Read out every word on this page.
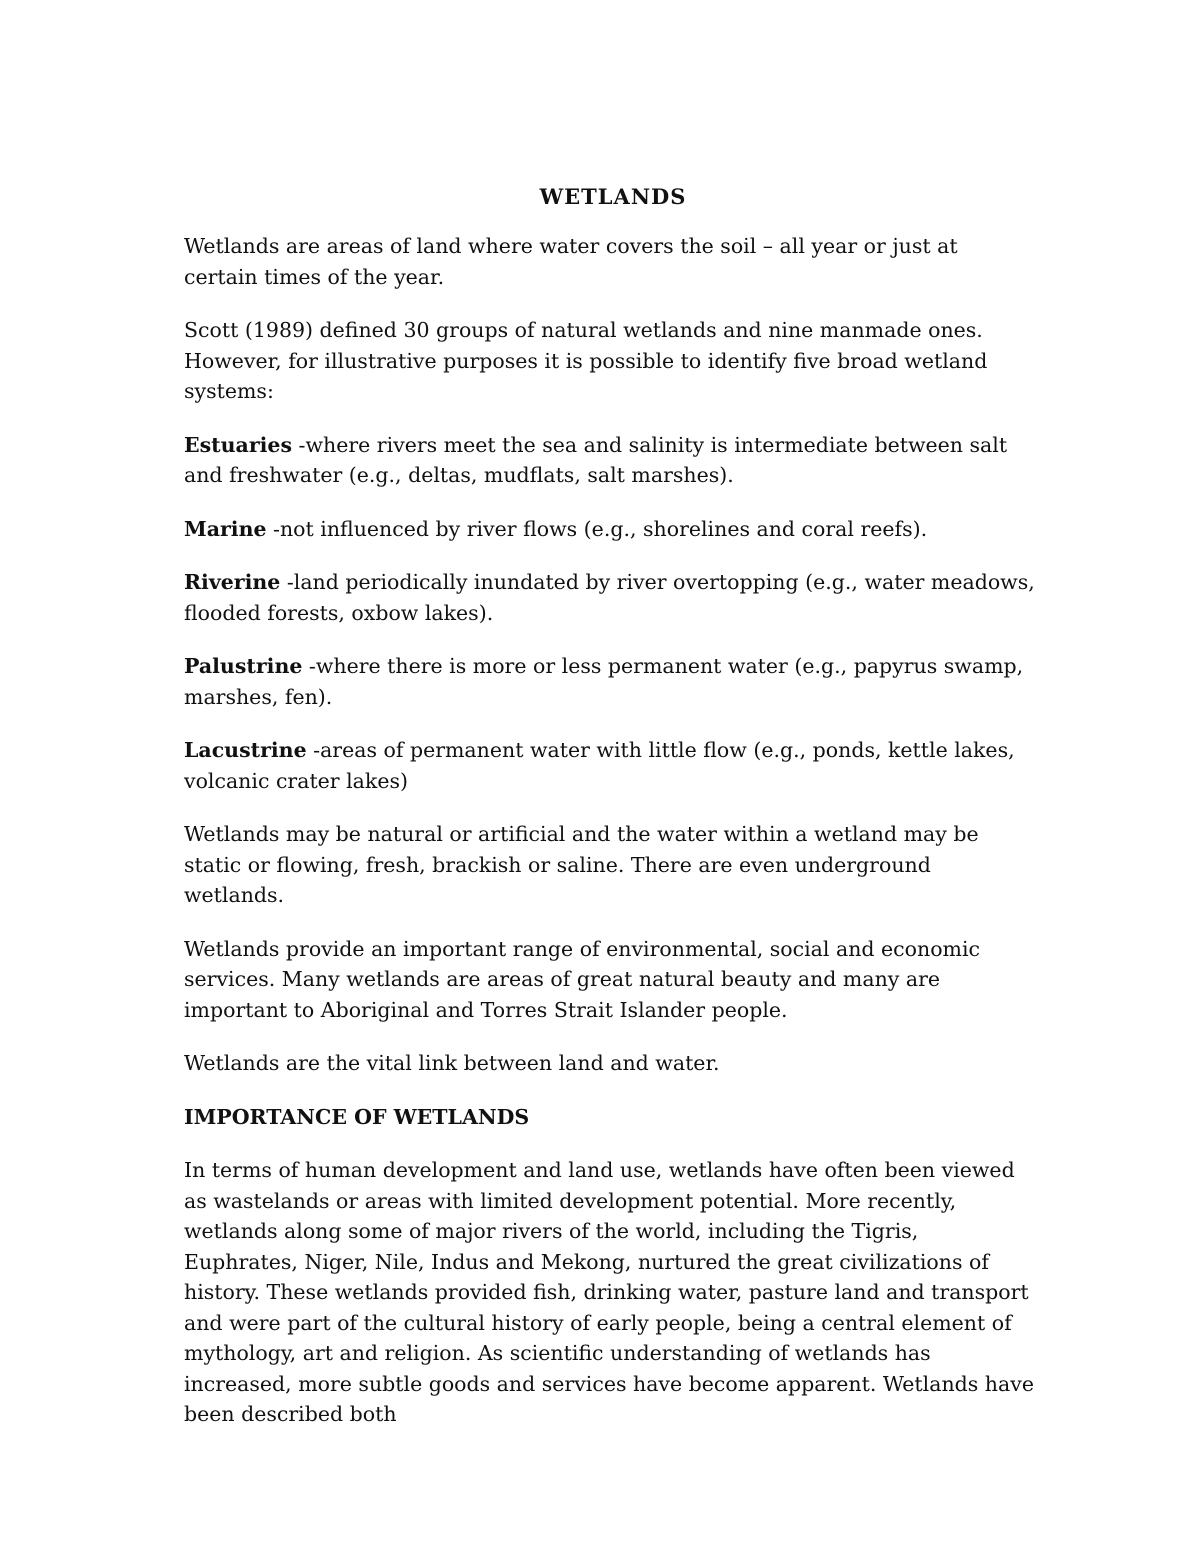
WETLANDS

Wetlands are areas of land where water covers the soil – all year or just at certain times of the year.

Scott (1989) defined 30 groups of natural wetlands and nine manmade ones. However, for illustrative purposes it is possible to identify five broad wetland systems:

Estuaries -where rivers meet the sea and salinity is intermediate between salt and freshwater (e.g., deltas, mudflats, salt marshes).

Marine -not influenced by river flows (e.g., shorelines and coral reefs).

Riverine -land periodically inundated by river overtopping (e.g., water meadows, flooded forests, oxbow lakes).

Palustrine -where there is more or less permanent water (e.g., papyrus swamp, marshes, fen).

Lacustrine -areas of permanent water with little flow (e.g., ponds, kettle lakes, volcanic crater lakes)

Wetlands may be natural or artificial and the water within a wetland may be static or flowing, fresh, brackish or saline. There are even underground wetlands.

Wetlands provide an important range of environmental, social and economic services. Many wetlands are areas of great natural beauty and many are important to Aboriginal and Torres Strait Islander people.

Wetlands are the vital link between land and water.

IMPORTANCE OF WETLANDS

In terms of human development and land use, wetlands have often been viewed as wastelands or areas with limited development potential. More recently, wetlands along some of major rivers of the world, including the Tigris, Euphrates, Niger, Nile, Indus and Mekong, nurtured the great civilizations of history. These wetlands provided fish, drinking water, pasture land and transport and were part of the cultural history of early people, being a central element of mythology, art and religion. As scientific understanding of wetlands has increased, more subtle goods and services have become apparent. Wetlands have been described both
